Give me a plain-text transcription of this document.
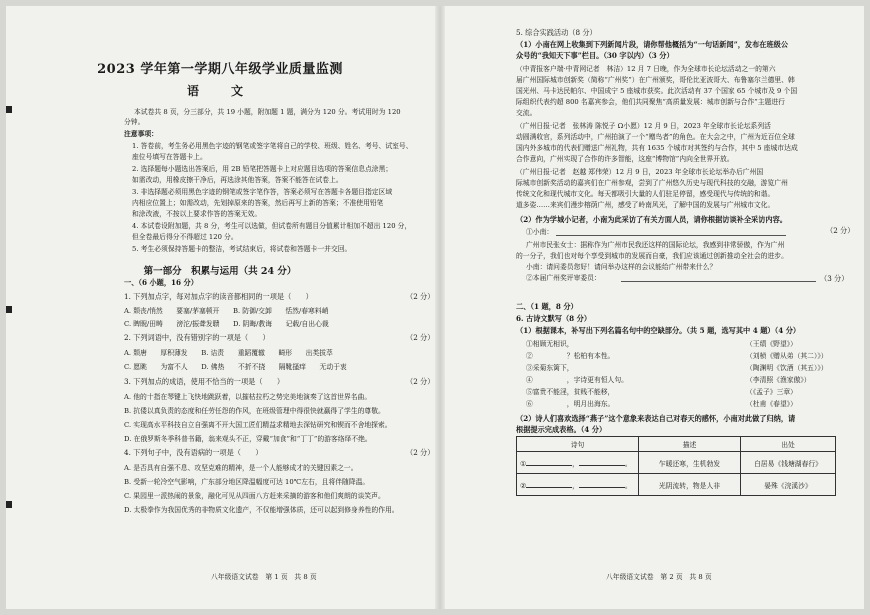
2023 学年第一学期八年级学业质量监测
语　文
本试卷共 8 页，分三部分，共 19 小题，附加题 1 题，满分为 120 分。考试用时为 120
分钟。
注意事项：
1. 答卷前，考生务必用黑色字迹的钢笔或签字笔将自己的学校、班级、姓名、考号、试室号、
座位号填写在答题卡上。
2. 选择题每小题选出答案后，用 2B 铅笔把答题卡上对应题目选项的答案信息点涂黑；
如需改动，用橡皮擦干净后，再选涂其他答案，答案不能答在试卷上。
3. 非选择题必须用黑色字迹的钢笔或签字笔作答，答案必须写在答题卡各题目指定区域
内相应位置上；如需改动，先划掉原来的答案，然后再写上新的答案；不准使用铅笔
和涂改液，不按以上要求作答的答案无效。
4. 本试卷设附加题，共 8 分，考生可以选做，但试卷所有题目分值累计相加不超出 120 分，
但全卷最后得分不得超过 120 分。
5. 考生必须保持答题卡的整洁，考试结束后，将试卷和答题卡一并交回。
第一部分　积累与运用（共 24 分）
一、（6 小题，16 分）
1. 下列加点字，每对加点字的读音都相同的一项是（　　）	（2 分）
A. 颓丧/悄然　　要塞/茅塞顿开　　B. 防御/交卸　　恬然/春寒料峭
C. 睥睨/田畴　　滂沱/振聋发聩　　D. 阴晦/教诲　　记载/自出心裁
2. 下列词语中，没有错别字的一项是（　　）	（2 分）
A. 颓唐　　厚积薄发　　B. 诘责　　重蹈覆辙　　畸形　　出类拔萃
C. 愿眺　　为富不人　　D. 佛热　　不折不挠　　隔靴搔痒　　无动于衷
3. 下列加点的成语，使用不恰当的一项是（　　）	（2 分）
A. 他的十指在琴键上飞快地跳跃着，以摧枯拉朽之势完美地演奏了这首世界名曲。
B. 抗倭以真负责的态度和任劳任怨的作风，在班级管理中得很快就赢得了学生的尊敬。
C. 实现高水平科技自立自强离不开大国工匠们精益求精地去深钻研究和锲而不舍地探索。
D. 在俄罗斯冬季科普书籍，翁来观头不正，穿戴“加食”和“丁丁”的游客络绎不绝。
4. 下列句子中，没有语病的一项是（　　）	（2 分）
A. 是否具有自强不息、攻坚克难的精神，是一个人能够成才的关键因素之一。
B. 受新一轮冷空气影响，广东部分地区降温幅度可达 10℃左右，且将伴随降温。
C. 果园里一派热闹的景象，融化可见从四面八方赶来采摘的游客和他们爽朗的谈笑声。
D. 太极拳作为我国优秀的非物质文化遗产，不仅能增强体质，还可以起到修身养性的作用。
八年级语文试卷　第 1 页　共 8 页
5. 综合实践活动（8 分）
（1）小南在网上收集到下列新闻片段，请你帮他概括为“一句话新闻”，发布在班级公
众号的“我知天下事”栏目。（30 字以内）（3 分）
（中青报客户端·中青网记者　林洁）12 月 7 日晚，作为全球市长论坛活动之一的第六
届广州国际城市创新奖（简称“广州奖”）在广州颁奖，哥伦比亚波哥大、布鲁塞尔兰德里、韩
国光州、马卡达民帕尔、中国成宁 5 座城市获奖。此次活动有 37 个国家 65 个城市及 9 个国
际组织代表约超 800 名嘉宾参会，他们共同聚焦“高质量发展：城市创新与合作”主题进行
交流。
（广州日报·记者　张林涛 陈悦子 Ω小愿）12 月 9 日，2023 年全球市长论坛系列活
动圆满收官，系列活动中，广州拍演了一个“赠鸟者”的角色。在大会之中，广州为近百位全球
国内外多城市的代表们赠送广州礼物，共有 1635 个城市对其签约与合作，其中 5 座城市达成
合作意向，广州实现了合作的许多智能，这座“博物馆”内向全世界开放。
（广州日报·记者　赵越 郑伟荣）12 月 9 日，2023 年全球市长论坛举办后广州国
际城市创新奖活动的嘉宾们在广州参观，尝到了广州悠久历史与现代科技的交融，游览广州
传统文化和现代城市文化。每天都吸引大量的人们驻足停留，感受现代与传统的和谐。
道多姿……来宾们漫步榕荫广州，感受了岭南风光，了解中国的发展与广州城市文化。
（2）作为学城小记者，小南为此采访了有关方面人员，请你根据访谈补全采访内容。
①小南：	（2 分）
广州市民张女士：据称作为广州市民我还这样的国际论坛，我感到非常骄傲，作为广州
的一分子，我们也对每个享受到城市的发展而自豪，我们应该通过创新推动全社会的进步。
小南：请问委员您好！请问举办这样的会议能给广州带来什么？
②本届广州奖评审委员：	（3 分）
二、（1 题，8 分）
6. 古诗文默写（8 分）
（1）根据课本，补写出下列名篇名句中的空缺部分。（共 5 题，选写其中 4 题）（4 分）
①相顾无相识，	（王绩《野望》）
②　　　　　？松柏有本性。	（刘桢《赠从弟（其二）》）
③采菊东篱下，	（陶渊明《饮酒（其五）》）
④　　　　　，字诗更有恒人句。	（李清照《渔家傲》）
⑤富贵不能淫，贫贱不能移，	（《孟子》三章）
⑥　　　　　，明月出海东。	（杜甫《春望》）
（2）诗人们喜欢选择“燕子”这个意象来表达自己对春天的感怀，小南对此做了归纳，请
根据提示完成表格。（4 分）
诗句	描述	出处
① ， 。	乍暖还寒，生机勃发	白居易《钱塘湖春行》
② ， 。	光阴流转，物是人非	晏殊《浣溪沙》
八年级语文试卷　第 2 页　共 8 页
